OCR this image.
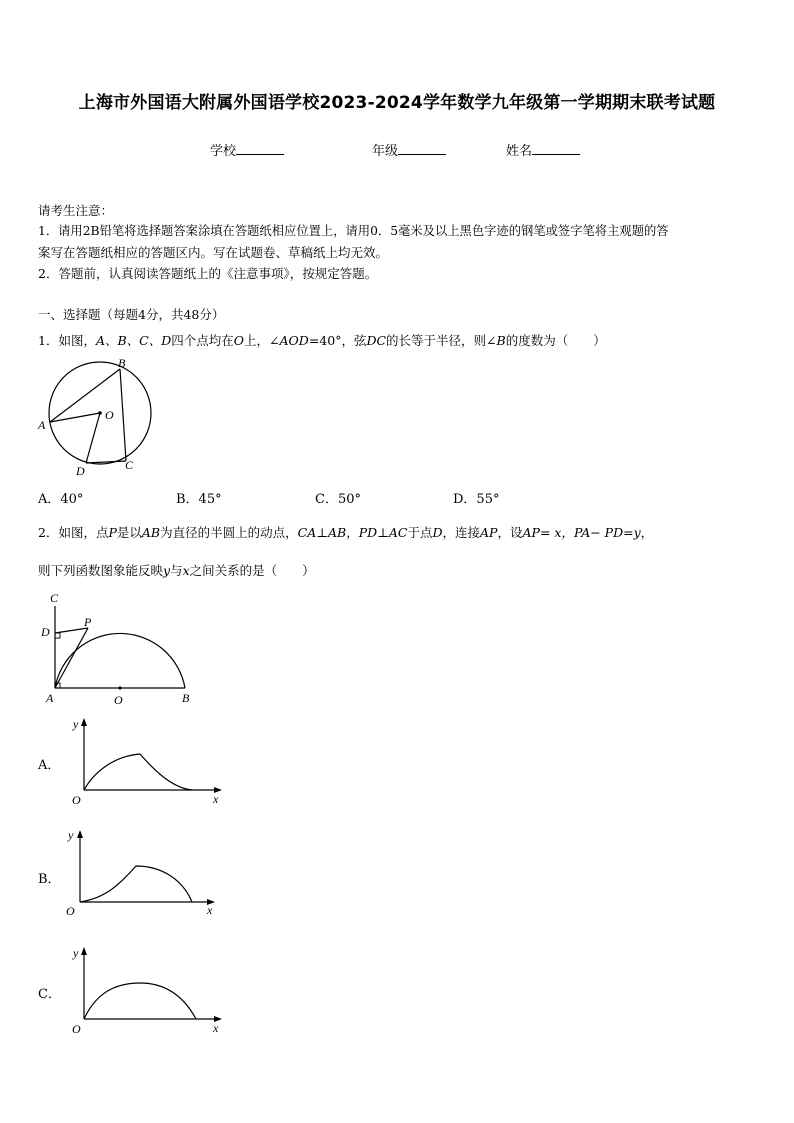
上海市外国语大附属外国语学校2023-2024学年数学九年级第一学期期末联考试题
学校	年级	姓名
请考生注意：
1．请用2B铅笔将选择题答案涂填在答题纸相应位置上，请用0．5毫米及以上黑色字迹的钢笔或签字笔将主观题的答
案写在答题纸相应的答题区内。写在试题卷、草稿纸上均无效。
2．答题前，认真阅读答题纸上的《注意事项》，按规定答题。
一、选择题（每题4分，共48分）
1．如图，A、B、C、D四个点均在O上，∠AOD=40°，弦DC的长等于半径，则∠B的度数为（　　）
A
B
C
D
O
A．40°	B．45°	C．50°	D．55°
2．如图，点P是以AB为直径的半圆上的动点，CA⊥AB，PD⊥AC于点D，连接AP，设AP= x，PA− PD=y，
则下列函数图象能反映y与x之间关系的是（　　）
C
D
P
A	O	B
A．
y
O	x
B．
y
O	x
C．
y
O	x
